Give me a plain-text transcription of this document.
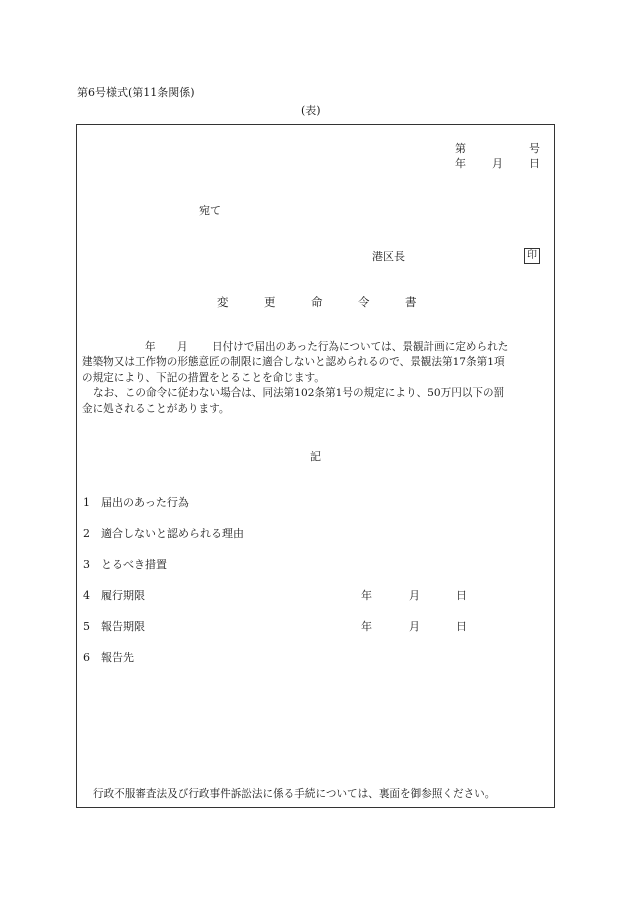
第6号様式(第11条関係)
(表)
第	号
年 月 日
宛て
港区長	印
変	更	命	令	書
年 月 日付けで届出のあった行為については、景観計画に定められた
建築物又は工作物の形態意匠の制限に適合しないと認められるので、景観法第17条第1項
の規定により、下記の措置をとることを命じます。
なお、この命令に従わない場合は、同法第102条第1号の規定により、50万円以下の罰
金に処されることがあります。
記
1 届出のあった行為
2 適合しないと認められる理由
3 とるべき措置
4 履行期限	年	月	日
5 報告期限	年	月	日
6 報告先
行政不服審査法及び行政事件訴訟法に係る手続については、裏面を御参照ください。
